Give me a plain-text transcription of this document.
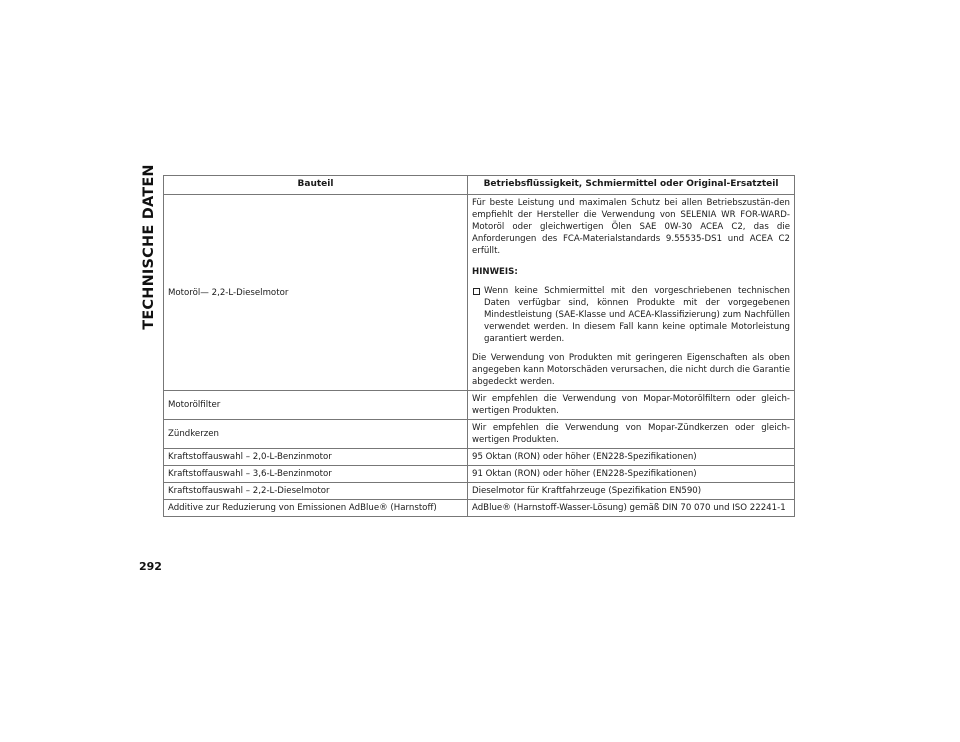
TECHNISCHE DATEN	Bauteil	Betriebsflüssigkeit, Schmiermittel oder Original-Ersatzteil
Motoröl— 2,2-L-Dieselmotor	Für beste Leistung und maximalen Schutz bei allen Betriebszustän-den empfiehlt der Hersteller die Verwendung von SELENIA WR FOR-WARD-Motoröl oder gleichwertigen Ölen SAE 0W-30 ACEA C2, das die Anforderungen des FCA-Materialstandards 9.55535-DS1 und ACEA C2 erfüllt.

HINWEIS:

Wenn keine Schmiermittel mit den vorgeschriebenen technischen Daten verfügbar sind, können Produkte mit der vorgegebenen Mindestleistung (SAE-Klasse und ACEA-Klassifizierung) zum Nachfüllen verwendet werden. In diesem Fall kann keine optimale Motorleistung garantiert werden.

Die Verwendung von Produkten mit geringeren Eigenschaften als oben angegeben kann Motorschäden verursachen, die nicht durch die Garantie abgedeckt werden.

Motorölfilter	Wir empfehlen die Verwendung von Mopar-Motorölfiltern oder gleich-wertigen Produkten.
Zündkerzen	Wir empfehlen die Verwendung von Mopar-Zündkerzen oder gleich-wertigen Produkten.
Kraftstoffauswahl – 2,0-L-Benzinmotor	95 Oktan (RON) oder höher (EN228-Spezifikationen)
Kraftstoffauswahl – 3,6-L-Benzinmotor	91 Oktan (RON) oder höher (EN228-Spezifikationen)
Kraftstoffauswahl – 2,2-L-Dieselmotor	Dieselmotor für Kraftfahrzeuge (Spezifikation EN590)
Additive zur Reduzierung von Emissionen AdBlue® (Harnstoff)	AdBlue® (Harnstoff-Wasser-Lösung) gemäß DIN 70 070 und ISO 22241-1
292
